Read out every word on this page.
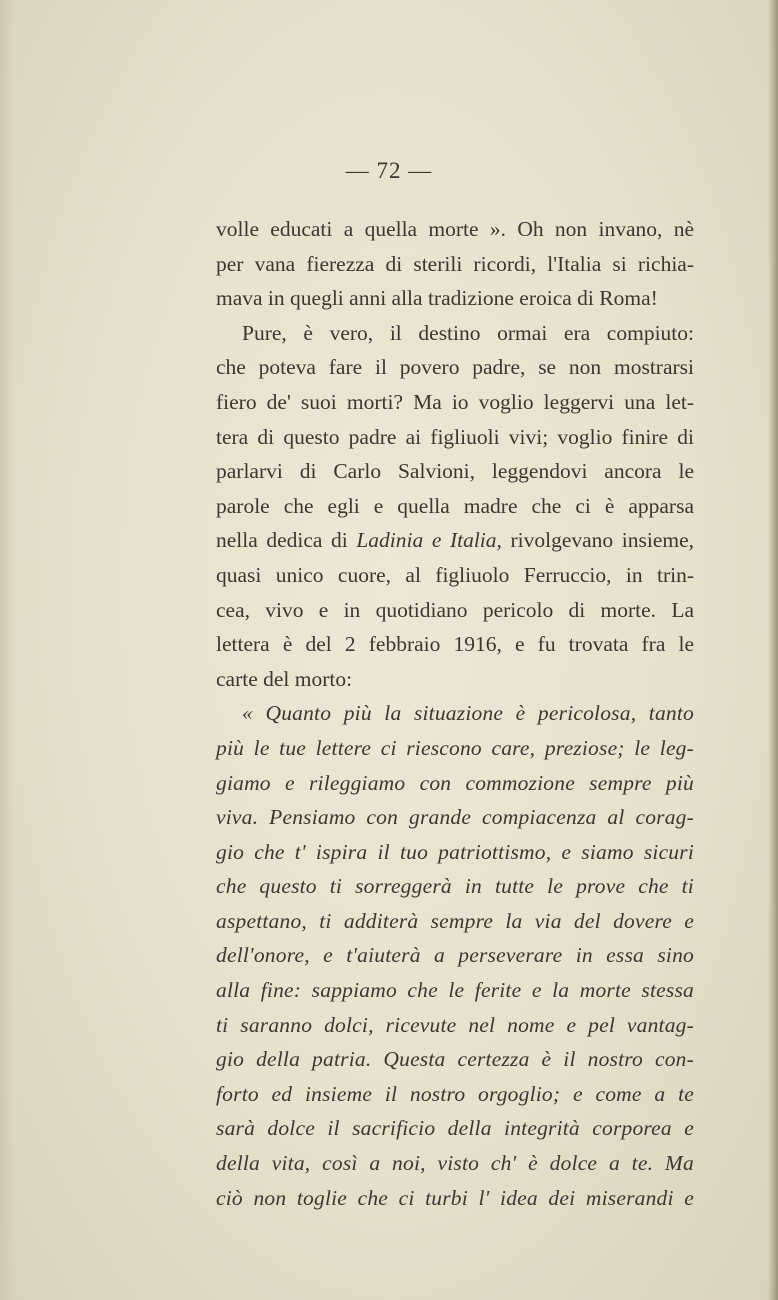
— 72 —
volle educati a quella morte ». Oh non invano, nè
per vana fierezza di sterili ricordi, l'Italia si richia-
mava in quegli anni alla tradizione eroica di Roma!
Pure, è vero, il destino ormai era compiuto:
che poteva fare il povero padre, se non mostrarsi
fiero de' suoi morti? Ma io voglio leggervi una let-
tera di questo padre ai figliuoli vivi; voglio finire di
parlarvi di Carlo Salvioni, leggendovi ancora le
parole che egli e quella madre che ci è apparsa
nella dedica di Ladinia e Italia, rivolgevano insieme,
quasi unico cuore, al figliuolo Ferruccio, in trin-
cea, vivo e in quotidiano pericolo di morte. La
lettera è del 2 febbraio 1916, e fu trovata fra le
carte del morto:
« Quanto più la situazione è pericolosa, tanto
più le tue lettere ci riescono care, preziose; le leg-
giamo e rileggiamo con commozione sempre più
viva. Pensiamo con grande compiacenza al corag-
gio che t' ispira il tuo patriottismo, e siamo sicuri
che questo ti sorreggerà in tutte le prove che ti
aspettano, ti additerà sempre la via del dovere e
dell'onore, e t'aiuterà a perseverare in essa sino
alla fine: sappiamo che le ferite e la morte stessa
ti saranno dolci, ricevute nel nome e pel vantag-
gio della patria. Questa certezza è il nostro con-
forto ed insieme il nostro orgoglio; e come a te
sarà dolce il sacrificio della integrità corporea e
della vita, così a noi, visto ch' è dolce a te. Ma
ciò non toglie che ci turbi l' idea dei miserandi e
